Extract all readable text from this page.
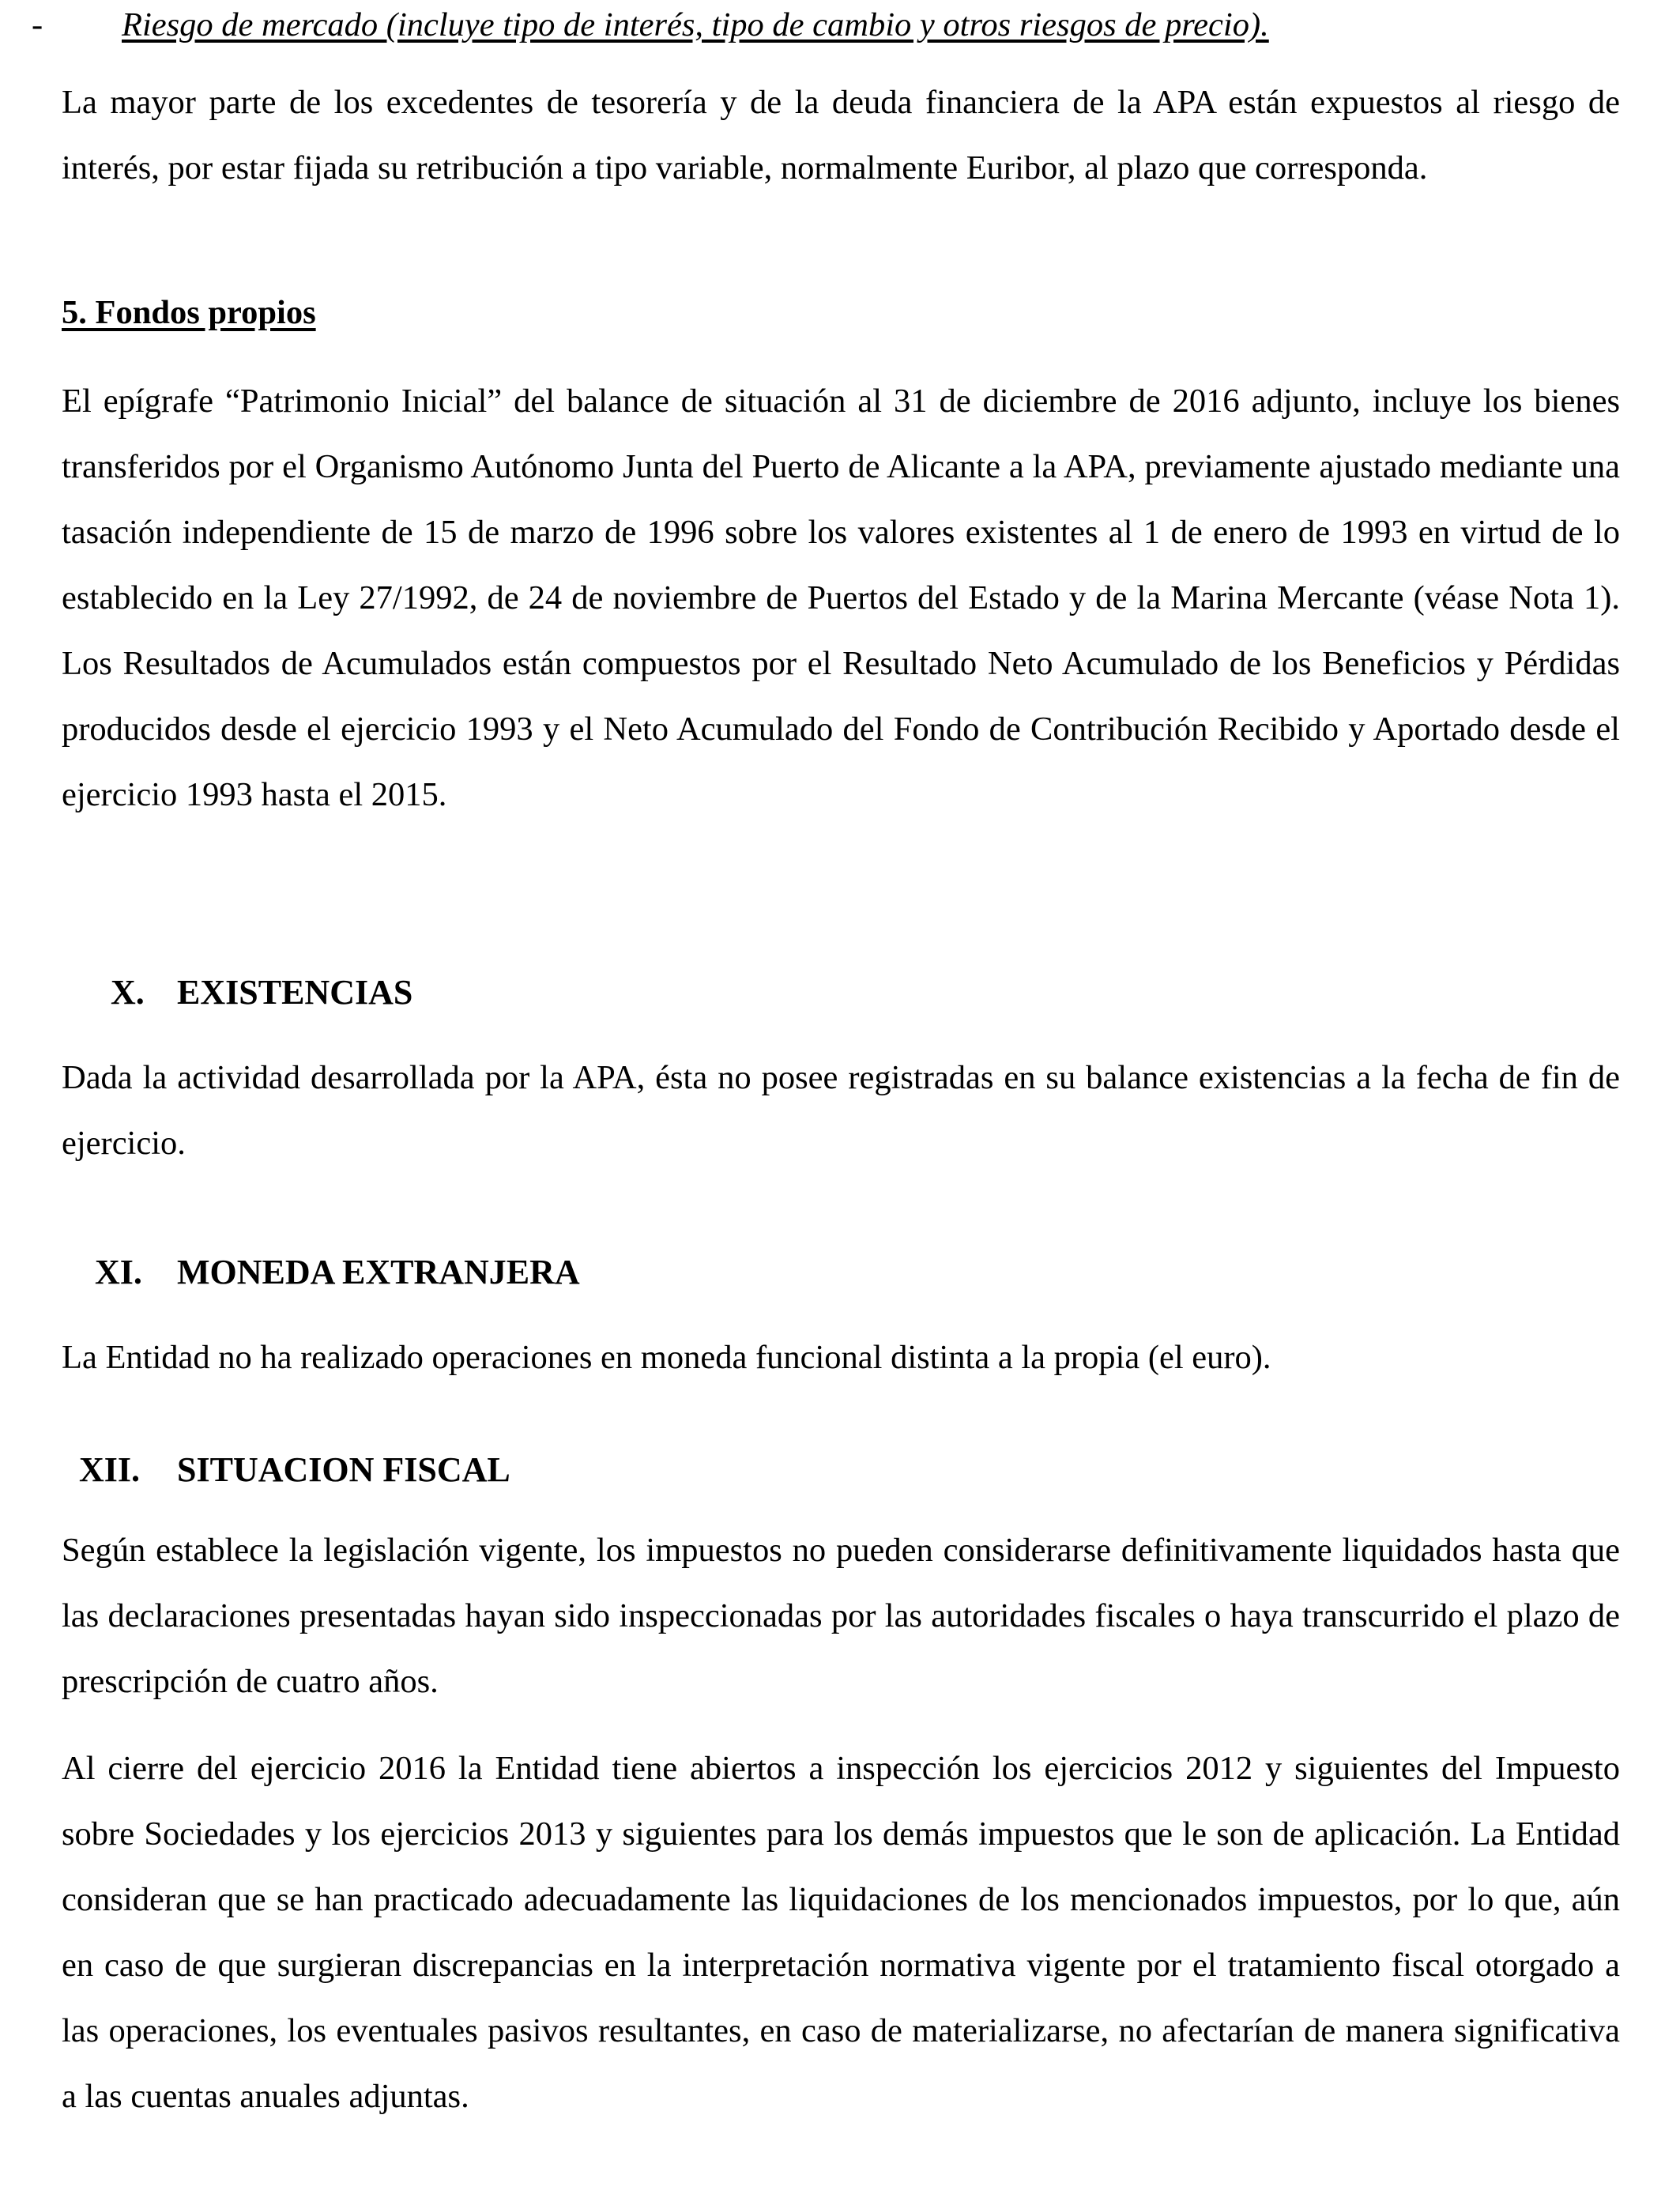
- Riesgo de mercado (incluye tipo de interés, tipo de cambio y otros riesgos de precio).

La mayor parte de los excedentes de tesorería y de la deuda financiera de la APA están expuestos al riesgo de interés, por estar fijada su retribución a tipo variable, normalmente Euribor, al plazo que corresponda.

5. Fondos propios

El epígrafe “Patrimonio Inicial” del balance de situación al 31 de diciembre de 2016 adjunto, incluye los bienes transferidos por el Organismo Autónomo Junta del Puerto de Alicante a la APA, previamente ajustado mediante una tasación independiente de 15 de marzo de 1996 sobre los valores existentes al 1 de enero de 1993 en virtud de lo establecido en la Ley 27/1992, de 24 de noviembre de Puertos del Estado y de la Marina Mercante (véase Nota 1). Los Resultados de Acumulados están compuestos por el Resultado Neto Acumulado de los Beneficios y Pérdidas producidos desde el ejercicio 1993 y el Neto Acumulado del Fondo de Contribución Recibido y Aportado desde el ejercicio 1993 hasta el 2015.

X. EXISTENCIAS

Dada la actividad desarrollada por la APA, ésta no posee registradas en su balance existencias a la fecha de fin de ejercicio.

XI. MONEDA EXTRANJERA

La Entidad no ha realizado operaciones en moneda funcional distinta a la propia (el euro).

XII. SITUACION FISCAL

Según establece la legislación vigente, los impuestos no pueden considerarse definitivamente liquidados hasta que las declaraciones presentadas hayan sido inspeccionadas por las autoridades fiscales o haya transcurrido el plazo de prescripción de cuatro años.

Al cierre del ejercicio 2016 la Entidad tiene abiertos a inspección los ejercicios 2012 y siguientes del Impuesto sobre Sociedades y los ejercicios 2013 y siguientes para los demás impuestos que le son de aplicación. La Entidad consideran que se han practicado adecuadamente las liquidaciones de los mencionados impuestos, por lo que, aún en caso de que surgieran discrepancias en la interpretación normativa vigente por el tratamiento fiscal otorgado a las operaciones, los eventuales pasivos resultantes, en caso de materializarse, no afectarían de manera significativa a las cuentas anuales adjuntas.
